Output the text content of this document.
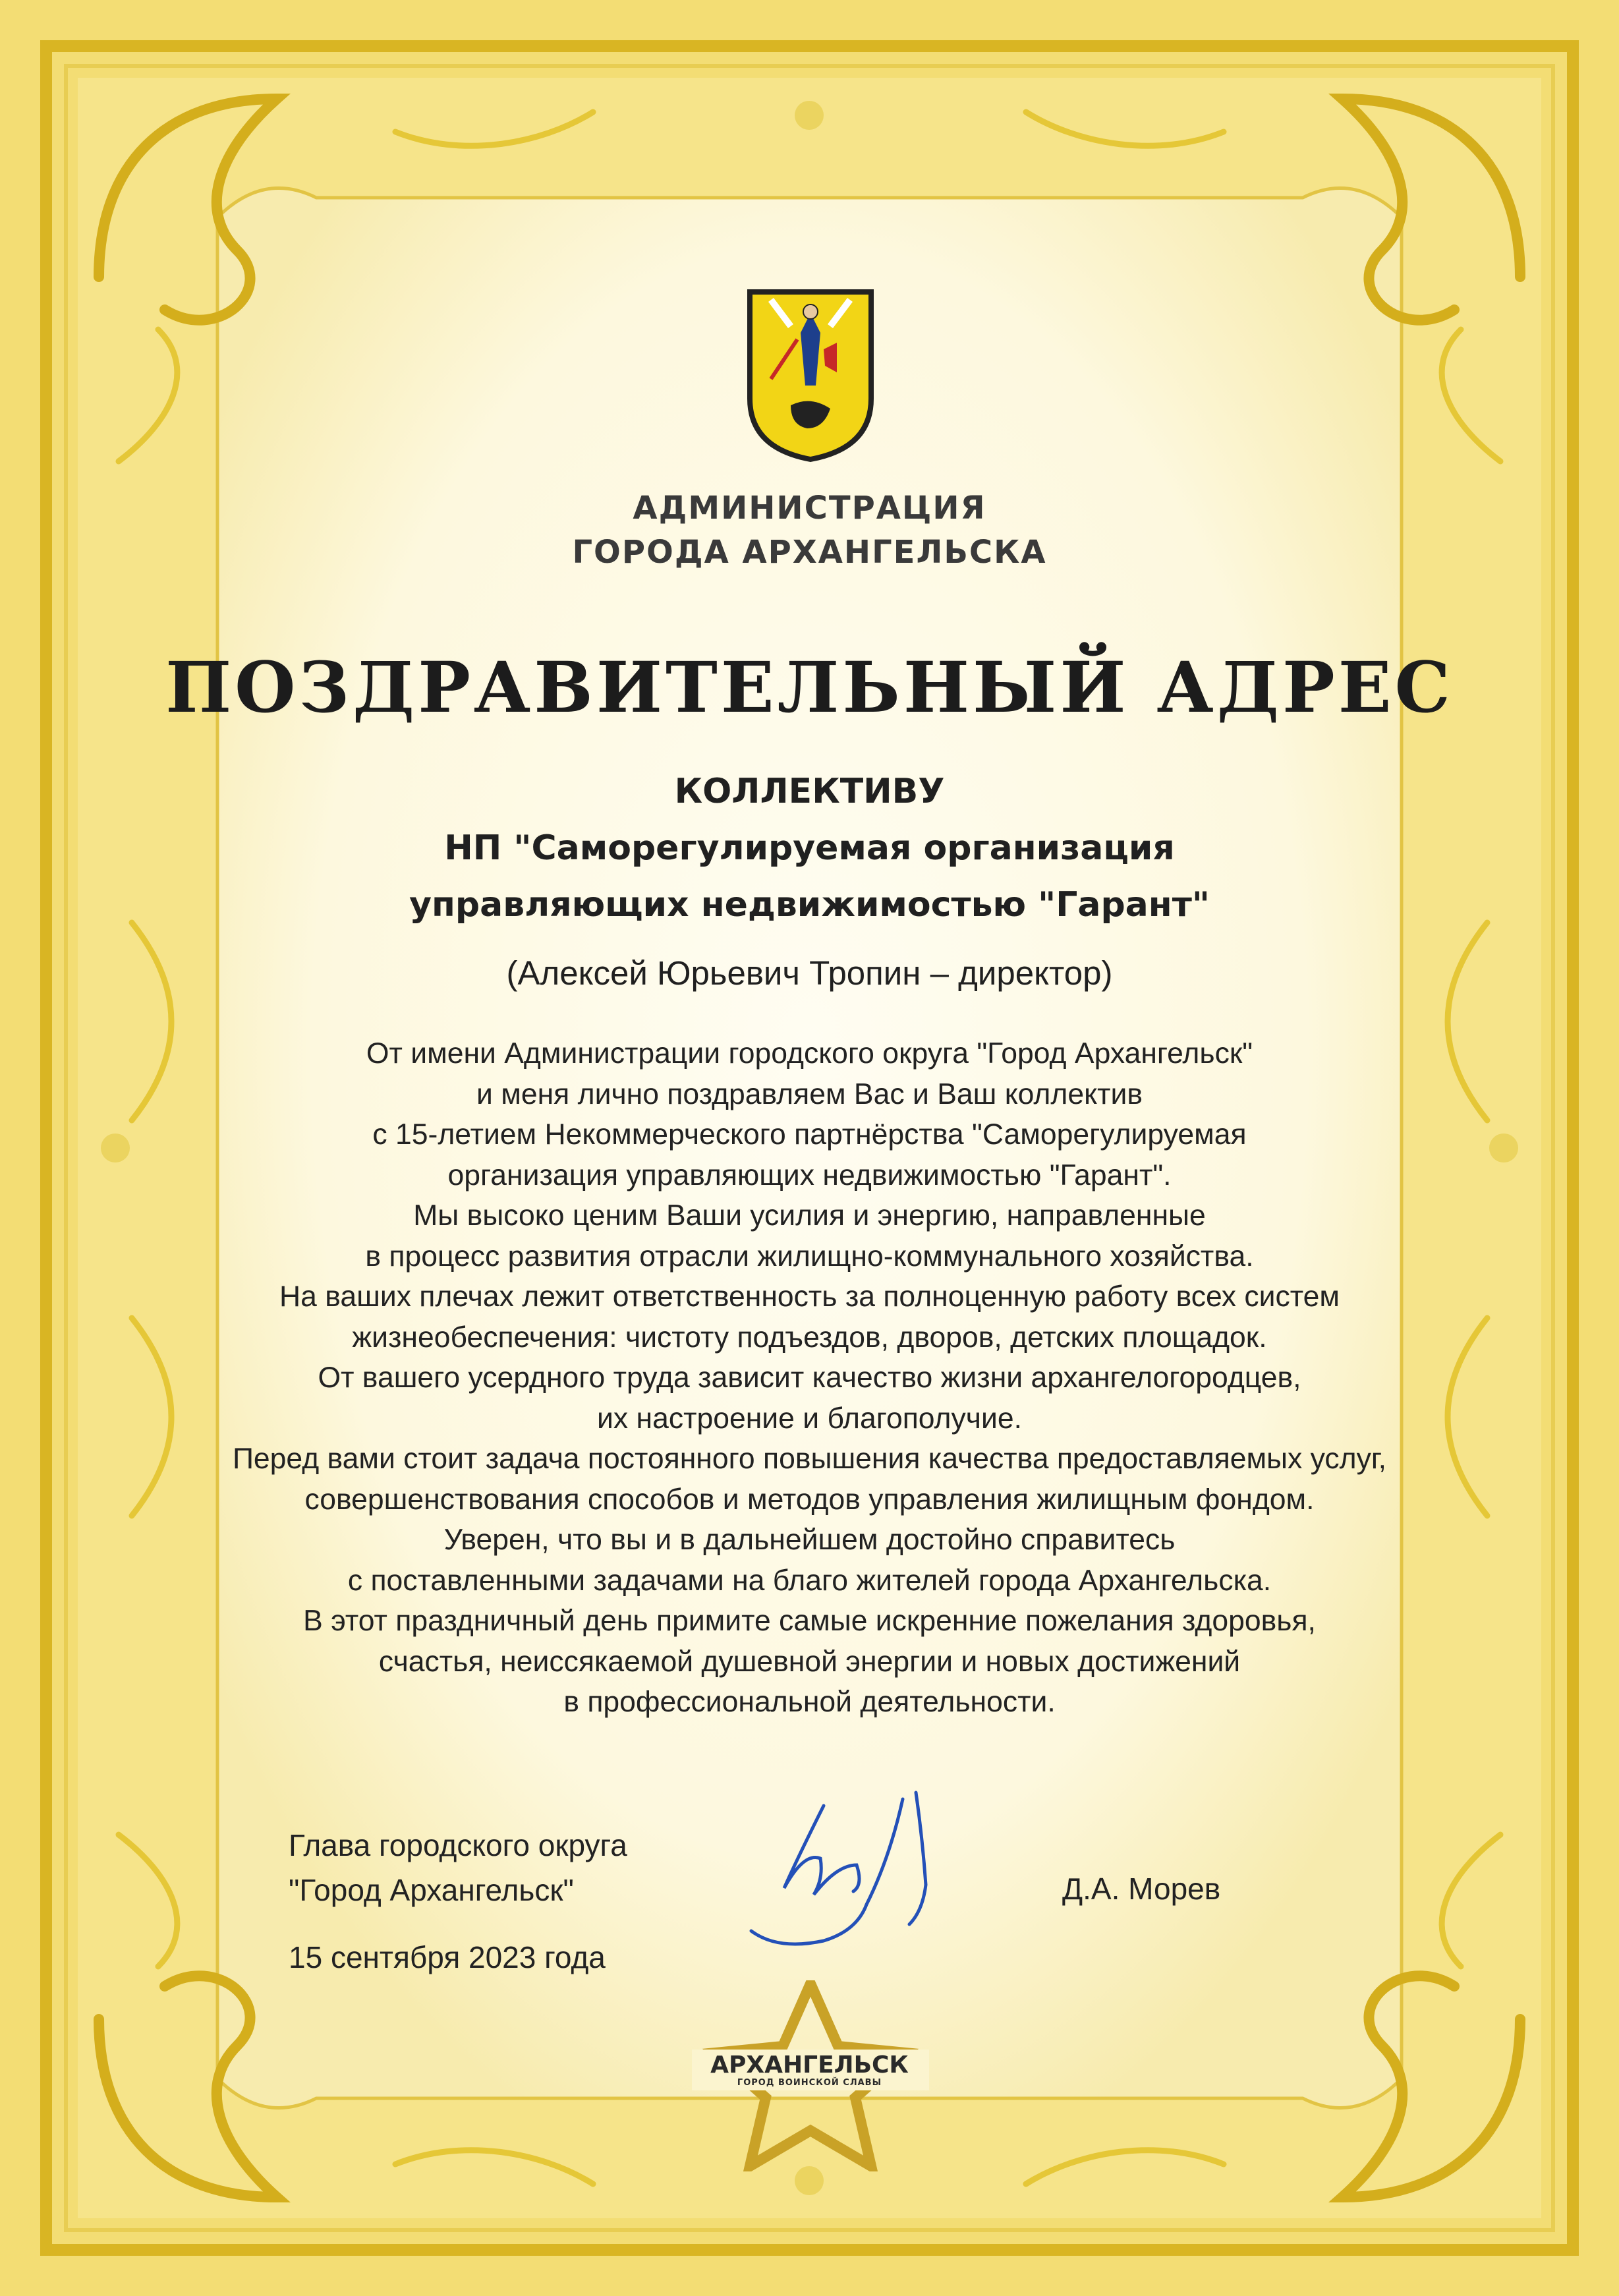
АДМИНИСТРАЦИЯ
ГОРОДА АРХАНГЕЛЬСКА
ПОЗДРАВИТЕЛЬНЫЙ АДРЕС
КОЛЛЕКТИВУ
НП "Саморегулируемая организация
управляющих недвижимостью "Гарант"
(Алексей Юрьевич Тропин – директор)
От имени Администрации городского округа "Город Архангельск"
и меня лично поздравляем Вас и Ваш коллектив
с 15-летием Некоммерческого партнёрства "Саморегулируемая
организация управляющих недвижимостью "Гарант".
Мы высоко ценим Ваши усилия и энергию, направленные
в процесс развития отрасли жилищно-коммунального хозяйства.
На ваших плечах лежит ответственность за полноценную работу всех систем
жизнеобеспечения: чистоту подъездов, дворов, детских площадок.
От вашего усердного труда зависит качество жизни архангелогородцев,
их настроение и благополучие.
Перед вами стоит задача постоянного повышения качества предоставляемых услуг,
совершенствования способов и методов управления жилищным фондом.
Уверен, что вы и в дальнейшем достойно справитесь
с поставленными задачами на благо жителей города Архангельска.
В этот праздничный день примите самые искренние пожелания здоровья,
счастья, неиссякаемой душевной энергии и новых достижений
в профессиональной деятельности.
Глава городского округа
"Город Архангельск"
15 сентября 2023 года
Д.А. Морев
АРХАНГЕЛЬСК
ГОРОД ВОИНСКОЙ СЛАВЫ
